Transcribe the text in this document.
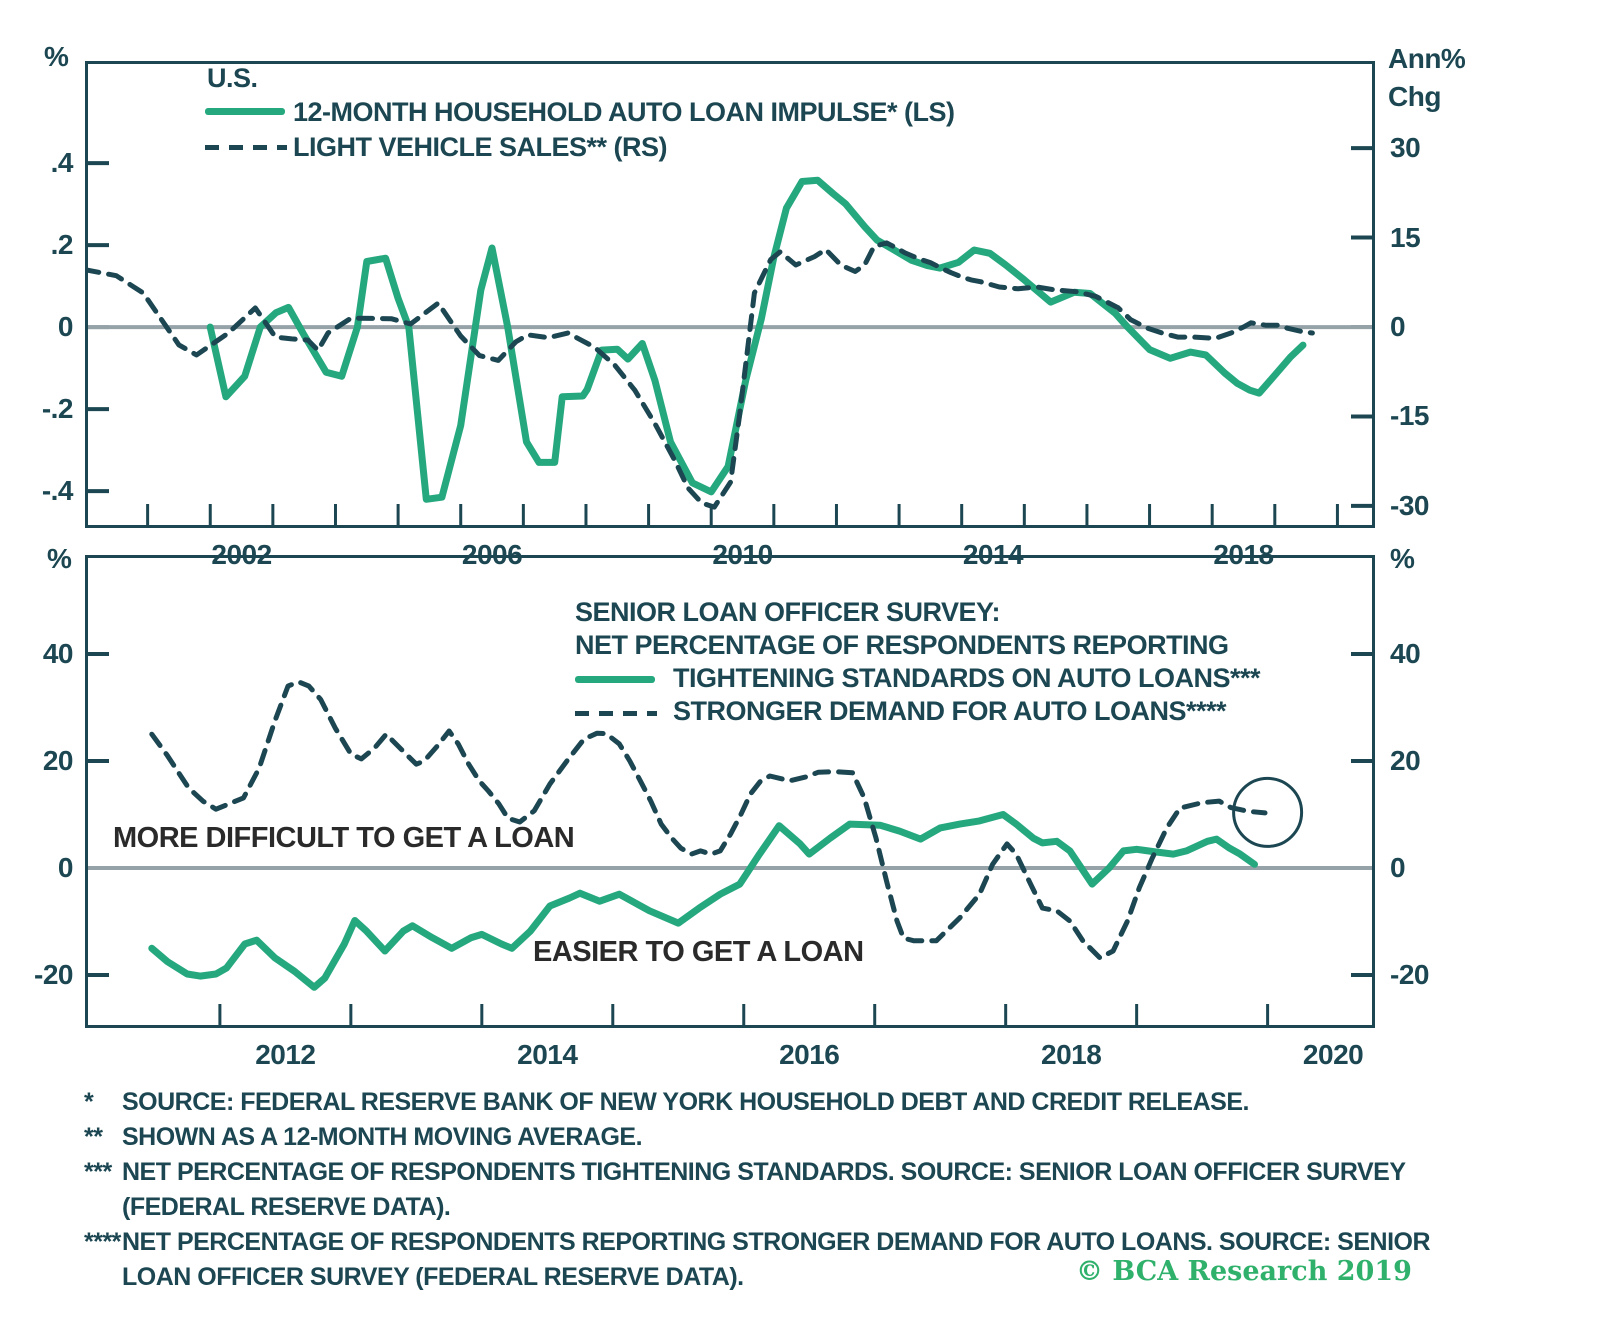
%	Ann%
Chg
%	%
U.S.
12-MONTH HOUSEHOLD AUTO LOAN IMPULSE* (LS)
LIGHT VEHICLE SALES** (RS)
SENIOR LOAN OFFICER SURVEY:
NET PERCENTAGE OF RESPONDENTS REPORTING
TIGHTENING STANDARDS ON AUTO LOANS***
STRONGER DEMAND FOR AUTO LOANS****
MORE DIFFICULT TO GET A LOAN
EASIER TO GET A LOAN
2002	2006	2010	2014	2018
.4
.2
0
-.2
-.4
30
15
0
-15
-30
2012	2014	2016	2018	2020
40
20
0
-20
40
20
0
-20
*	SOURCE: FEDERAL RESERVE BANK OF NEW YORK HOUSEHOLD DEBT AND CREDIT RELEASE.
** SHOWN AS A 12-MONTH MOVING AVERAGE.
*** NET PERCENTAGE OF RESPONDENTS TIGHTENING STANDARDS. SOURCE: SENIOR LOAN OFFICER SURVEY (FEDERAL RESERVE DATA).
**** NET PERCENTAGE OF RESPONDENTS REPORTING STRONGER DEMAND FOR AUTO LOANS. SOURCE: SENIOR LOAN OFFICER SURVEY (FEDERAL RESERVE DATA).	© BCA Research 2019
